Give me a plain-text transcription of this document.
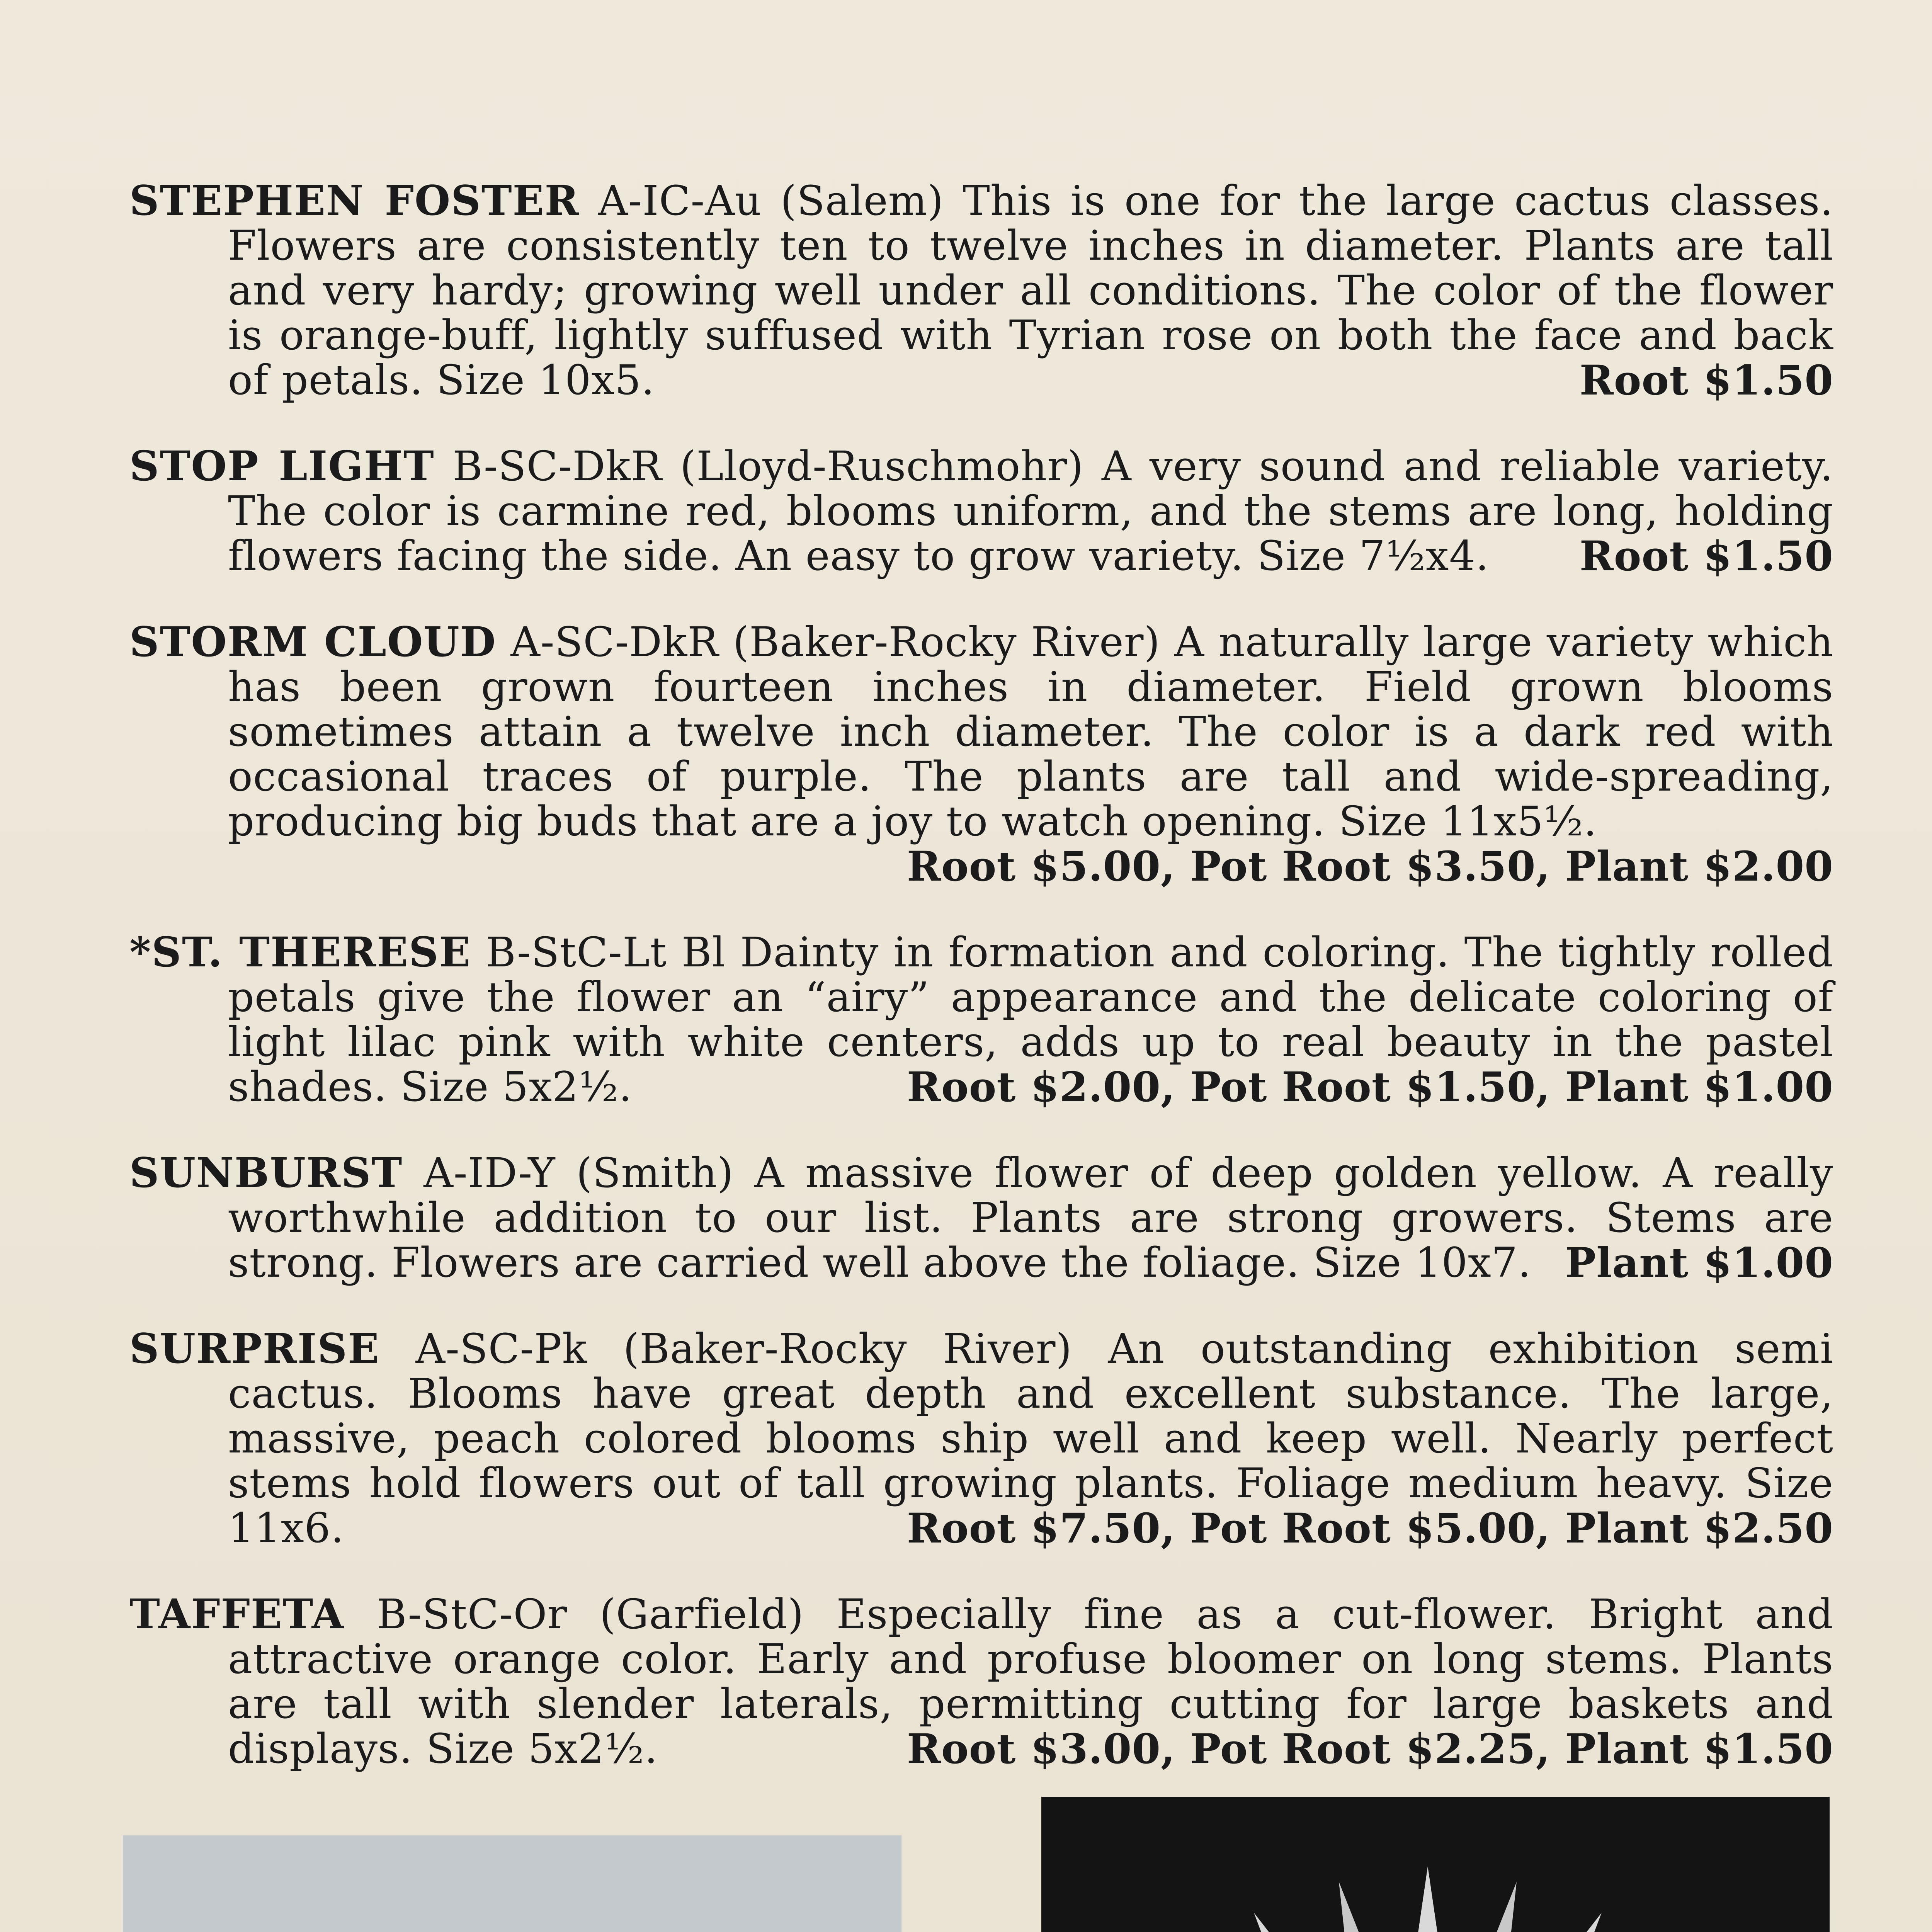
STEPHEN FOSTER A-IC-Au (Salem) This is one for the large cactus classes. Flowers are consistently ten to twelve inches in diameter. Plants are tall and very hardy; growing well under all conditions. The color of the flower is orange-buff, lightly suffused with Tyrian rose on both the face and back of petals. Size 10x5.	Root $1.50

STOP LIGHT B-SC-DkR (Lloyd-Ruschmohr) A very sound and reliable variety. The color is carmine red, blooms uniform, and the stems are long, holding flowers facing the side. An easy to grow variety. Size 7½x4. Root $1.50

STORM CLOUD A-SC-DkR (Baker-Rocky River) A naturally large variety which has been grown fourteen inches in diameter. Field grown blooms sometimes attain a twelve inch diameter. The color is a dark red with occasional traces of purple. The plants are tall and wide-spreading, producing big buds that are a joy to watch opening. Size 11x5½.
Root $5.00, Pot Root $3.50, Plant $2.00

*ST. THERESE B-StC-Lt Bl Dainty in formation and coloring. The tightly rolled petals give the flower an “airy” appearance and the delicate coloring of light lilac pink with white centers, adds up to real beauty in the pastel shades. Size 5x2½.	Root $2.00, Pot Root $1.50, Plant $1.00

SUNBURST A-ID-Y (Smith) A massive flower of deep golden yellow. A really worthwhile addition to our list. Plants are strong growers. Stems are strong. Flowers are carried well above the foliage. Size 10x7. Plant $1.00

SURPRISE A-SC-Pk (Baker-Rocky River) An outstanding exhibition semi cactus. Blooms have great depth and excellent substance. The large, massive, peach colored blooms ship well and keep well. Nearly perfect stems hold flowers out of tall growing plants. Foliage medium heavy. Size 11x6.	Root $7.50, Pot Root $5.00, Plant $2.50

TAFFETA B-StC-Or (Garfield) Especially fine as a cut-flower. Bright and attractive orange color. Early and profuse bloomer on long stems. Plants are tall with slender laterals, permitting cutting for large baskets and displays. Size 5x2½.	Root $3.00, Pot Root $2.25, Plant $1.50
